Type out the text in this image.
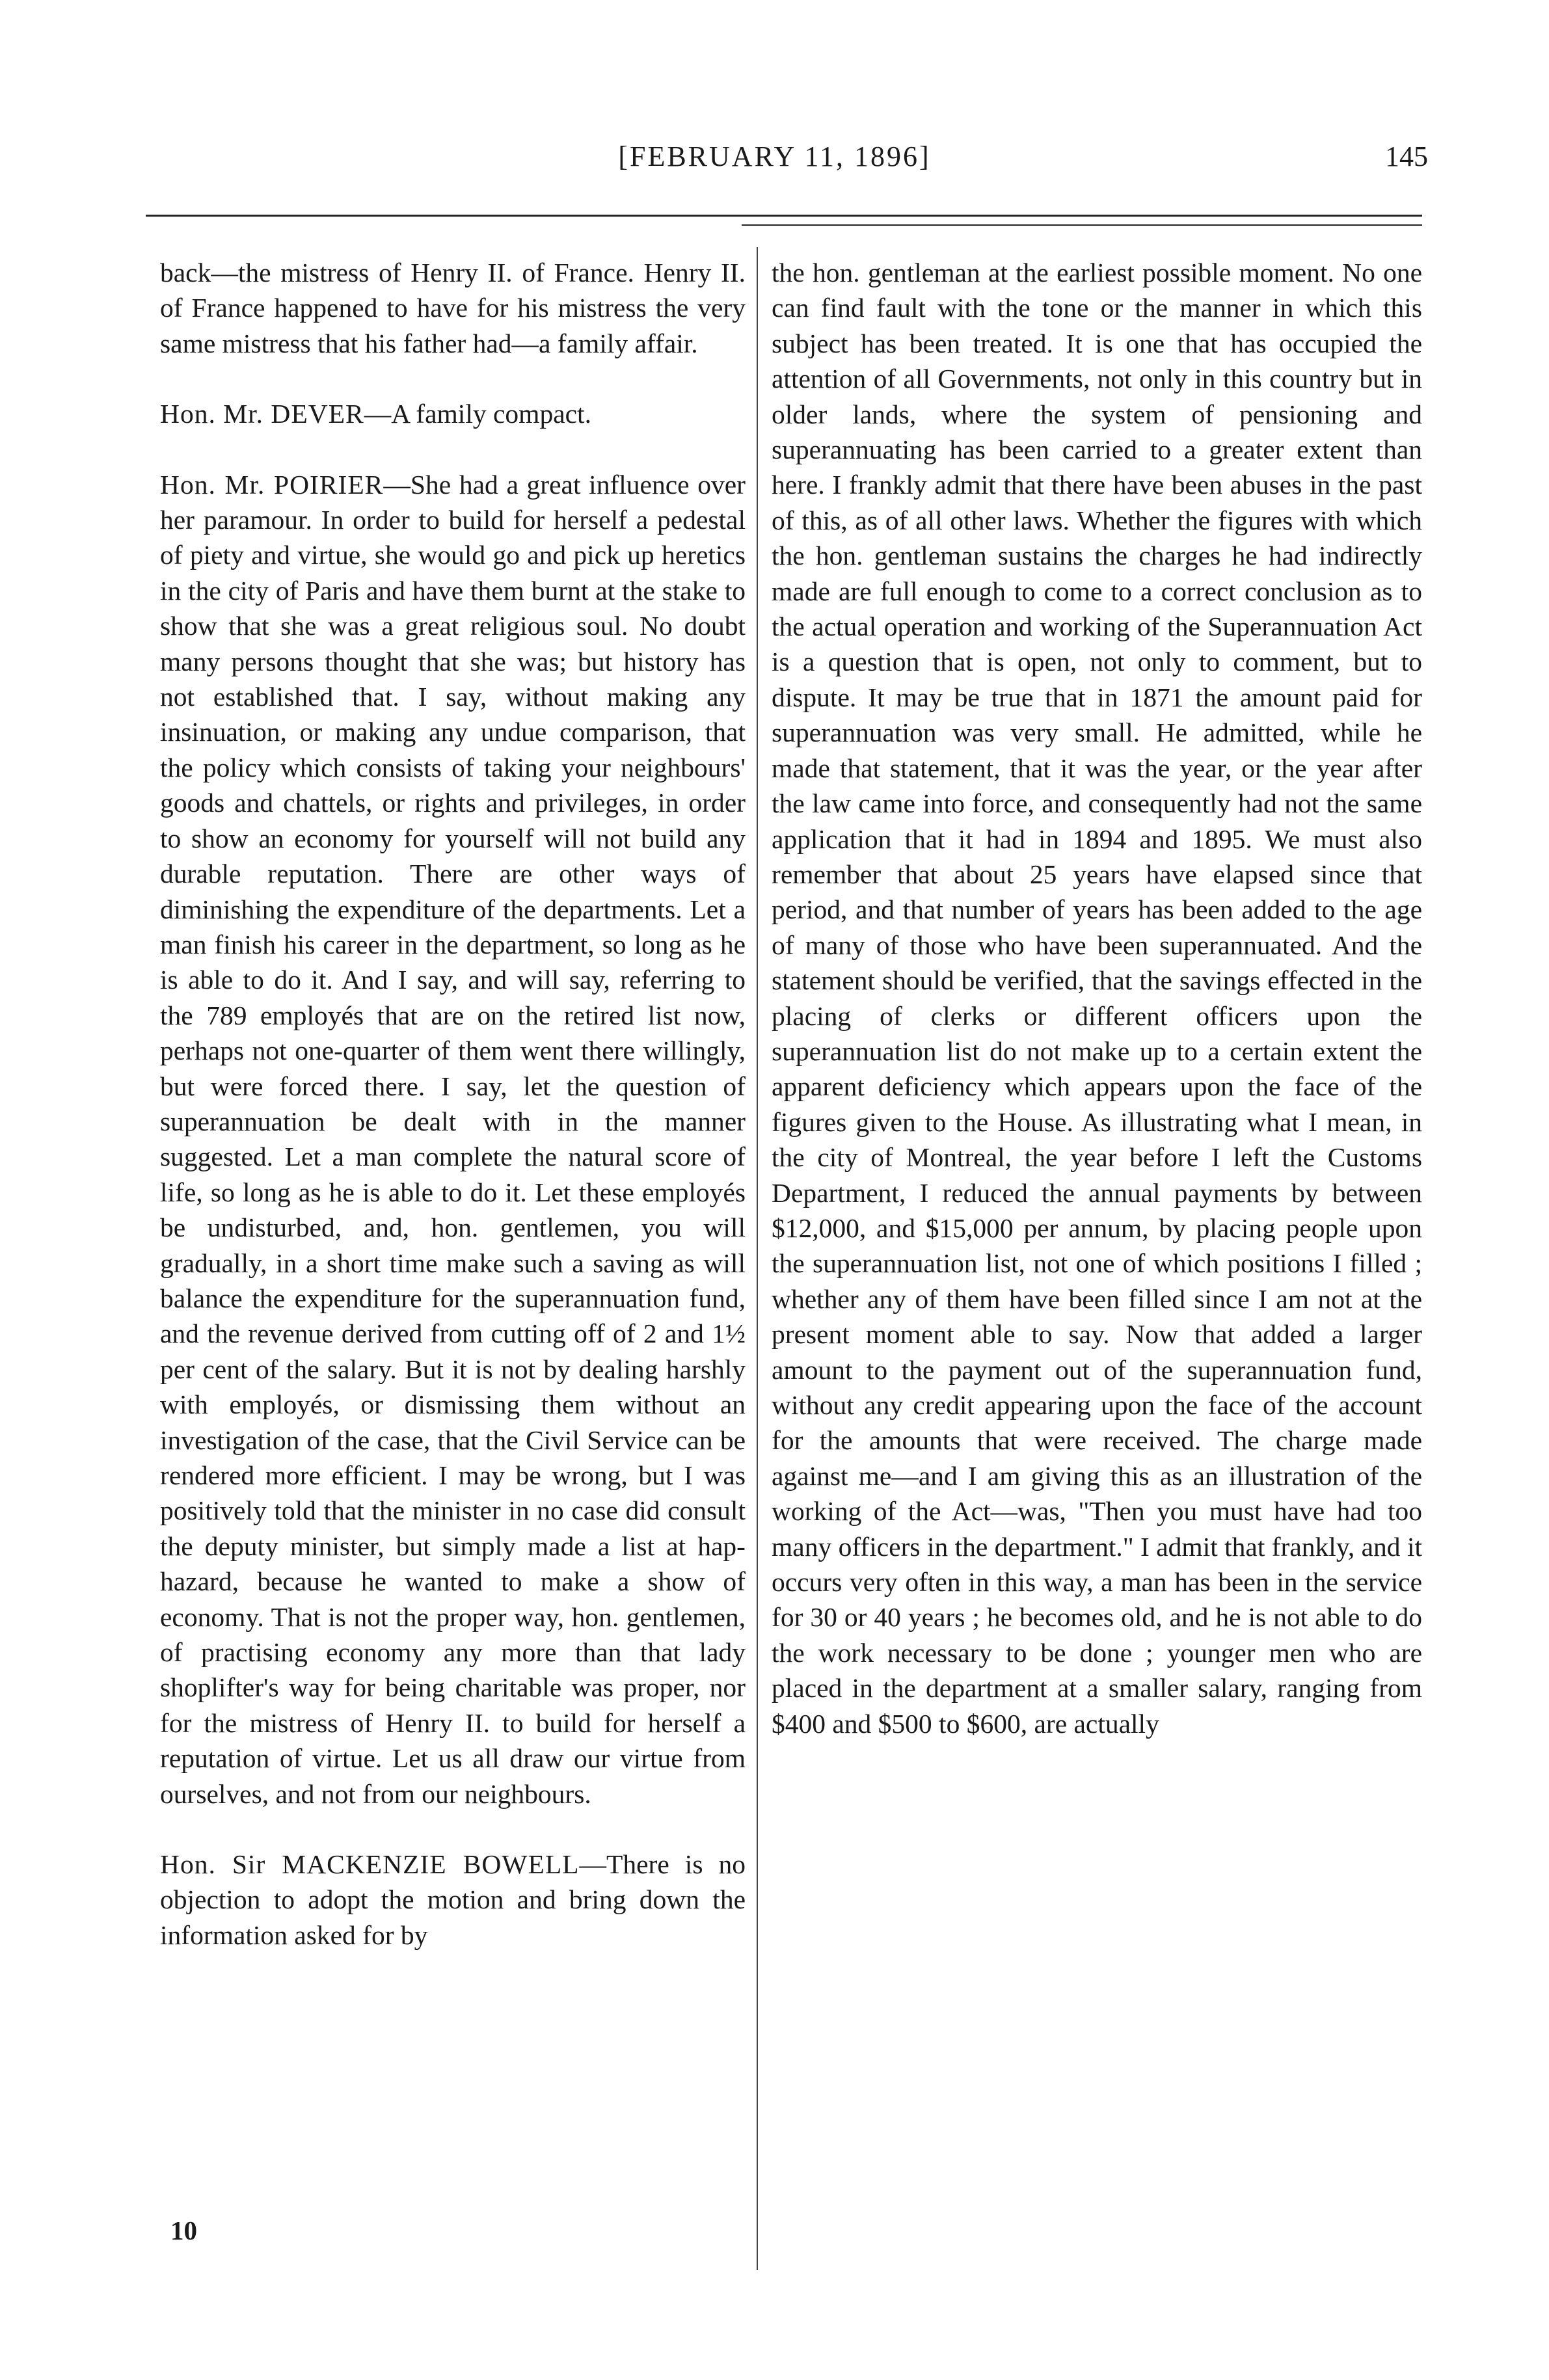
[FEBRUARY 11, 1896]	145

back—the mistress of Henry II. of France. Henry II. of France happened to have for his mistress the very same mistress that his father had—a family affair.

Hon. Mr. DEVER—A family compact.

Hon. Mr. POIRIER—She had a great influence over her paramour. In order to build for herself a pedestal of piety and virtue, she would go and pick up heretics in the city of Paris and have them burnt at the stake to show that she was a great religious soul. No doubt many persons thought that she was; but history has not established that. I say, without making any insinuation, or making any undue comparison, that the policy which consists of taking your neighbours' goods and chattels, or rights and privileges, in order to show an economy for yourself will not build any durable reputation. There are other ways of diminishing the expenditure of the departments. Let a man finish his career in the department, so long as he is able to do it. And I say, and will say, referring to the 789 employés that are on the retired list now, perhaps not one-quarter of them went there willingly, but were forced there. I say, let the question of superannuation be dealt with in the manner suggested. Let a man complete the natural score of life, so long as he is able to do it. Let these employés be undisturbed, and, hon. gentlemen, you will gradually, in a short time make such a saving as will balance the expenditure for the superannuation fund, and the revenue derived from cutting off of 2 and 1½ per cent of the salary. But it is not by dealing harshly with employés, or dismissing them without an investigation of the case, that the Civil Service can be rendered more efficient. I may be wrong, but I was positively told that the minister in no case did consult the deputy minister, but simply made a list at hap-hazard, because he wanted to make a show of economy. That is not the proper way, hon. gentlemen, of practising economy any more than that lady shoplifter's way for being charitable was proper, nor for the mistress of Henry II. to build for herself a reputation of virtue. Let us all draw our virtue from ourselves, and not from our neighbours.

Hon. Sir MACKENZIE BOWELL—There is no objection to adopt the motion and bring down the information asked for by

10

the hon. gentleman at the earliest possible moment. No one can find fault with the tone or the manner in which this subject has been treated. It is one that has occupied the attention of all Governments, not only in this country but in older lands, where the system of pensioning and superannuating has been carried to a greater extent than here. I frankly admit that there have been abuses in the past of this, as of all other laws. Whether the figures with which the hon. gentleman sustains the charges he had indirectly made are full enough to come to a correct conclusion as to the actual operation and working of the Superannuation Act is a question that is open, not only to comment, but to dispute. It may be true that in 1871 the amount paid for superannuation was very small. He admitted, while he made that statement, that it was the year, or the year after the law came into force, and consequently had not the same application that it had in 1894 and 1895. We must also remember that about 25 years have elapsed since that period, and that number of years has been added to the age of many of those who have been superannuated. And the statement should be verified, that the savings effected in the placing of clerks or different officers upon the superannuation list do not make up to a certain extent the apparent deficiency which appears upon the face of the figures given to the House. As illustrating what I mean, in the city of Montreal, the year before I left the Customs Department, I reduced the annual payments by between $12,000, and $15,000 per annum, by placing people upon the superannuation list, not one of which positions I filled ; whether any of them have been filled since I am not at the present moment able to say. Now that added a larger amount to the payment out of the superannuation fund, without any credit appearing upon the face of the account for the amounts that were received. The charge made against me—and I am giving this as an illustration of the working of the Act—was, "Then you must have had too many officers in the department." I admit that frankly, and it occurs very often in this way, a man has been in the service for 30 or 40 years ; he becomes old, and he is not able to do the work necessary to be done ; younger men who are placed in the department at a smaller salary, ranging from $400 and $500 to $600, are actually
